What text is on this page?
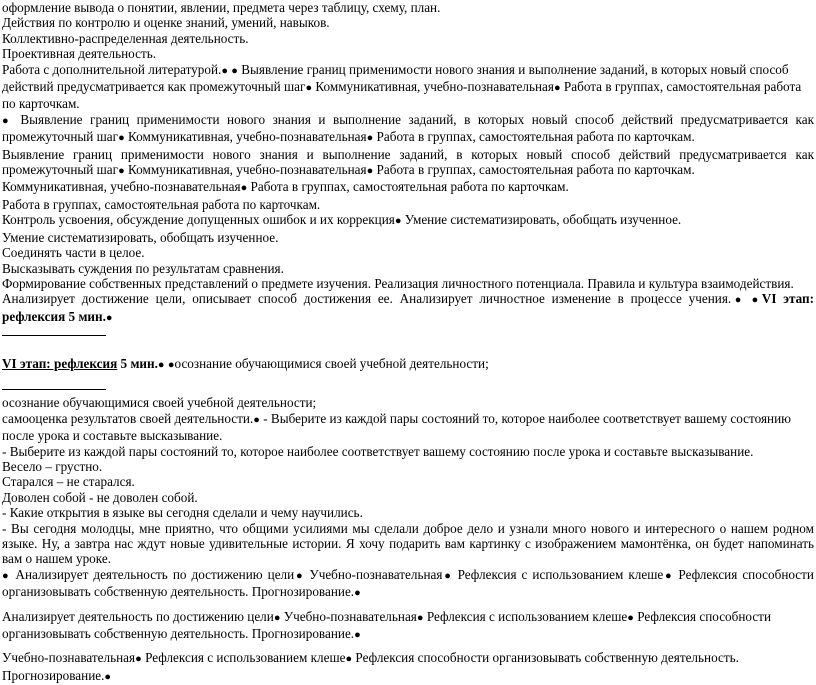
оформление вывода о понятии, явлении, предмета через таблицу, схему, план.

Действия по контролю и оценке знаний, умений, навыков.

Коллективно-распределенная деятельность.

Проективная деятельность.

Работа с дополнительной литературой.● ● Выявление границ применимости нового знания и выполнение заданий, в которых новый способ действий предусматривается как промежуточный шаг● Коммуникативная, учебно-познавательная● Работа в группах, самостоятельная работа по карточкам.

● Выявление границ применимости нового знания и выполнение заданий, в которых новый способ действий предусматривается как промежуточный шаг● Коммуникативная, учебно-познавательная● Работа в группах, самостоятельная работа по карточкам.

Выявление границ применимости нового знания и выполнение заданий, в которых новый способ действий предусматривается как промежуточный шаг● Коммуникативная, учебно-познавательная● Работа в группах, самостоятельная работа по карточкам.

Коммуникативная, учебно-познавательная● Работа в группах, самостоятельная работа по карточкам.

Работа в группах, самостоятельная работа по карточкам.

Контроль усвоения, обсуждение допущенных ошибок и их коррекция● Умение систематизировать, обобщать изученное.

Умение систематизировать, обобщать изученное.

Соединять части в целое.

Высказывать суждения по результатам сравнения.

Формирование собственных представлений о предмете изучения. Реализация личностного потенциала. Правила и культура взаимодействия.

Анализирует достижение цели, описывает способ достижения ее. Анализирует личностное изменение в процессе учения.● ●VI этап: рефлексия 5 мин.●

VI этап: рефлексия 5 мин.● ●осознание обучающимися своей учебной деятельности;

осознание обучающимися своей учебной деятельности;

самооценка результатов своей деятельности.● - Выберите из каждой пары состояний то, которое наиболее соответствует вашему состоянию после урока и составьте высказывание.

- Выберите из каждой пары состояний то, которое наиболее соответствует вашему состоянию после урока и составьте высказывание.

Весело – грустно.

Старался – не старался.

Доволен собой - не доволен собой.

- Какие открытия в языке вы сегодня сделали и чему научились.

- Вы сегодня молодцы, мне приятно, что общими усилиями мы сделали доброе дело и узнали много нового и интересного о нашем родном языке. Ну, а завтра нас ждут новые удивительные истории. Я хочу подарить вам картинку с изображением мамонтёнка, он будет напоминать вам о нашем уроке.

● Анализирует деятельность по достижению цели● Учебно-познавательная● Рефлексия с использованием клеше● Рефлексия способности организовывать собственную деятельность. Прогнозирование.●

Анализирует деятельность по достижению цели● Учебно-познавательная● Рефлексия с использованием клеше● Рефлексия способности организовывать собственную деятельность. Прогнозирование.●

Учебно-познавательная● Рефлексия с использованием клеше● Рефлексия способности организовывать собственную деятельность. Прогнозирование.●
